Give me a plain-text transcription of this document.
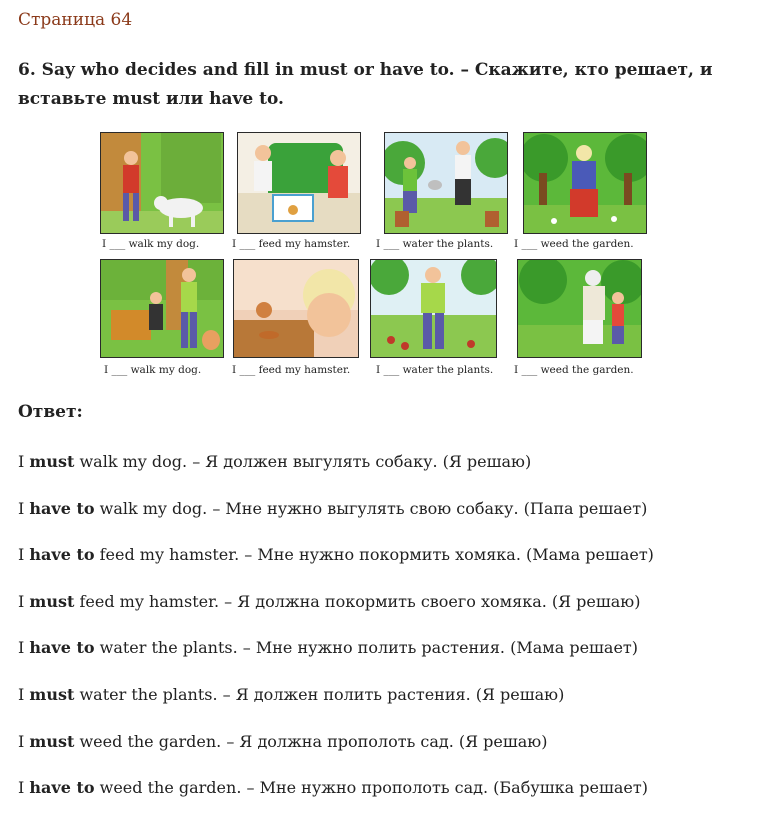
Страница 64
6. Say who decides and fill in must or have to. – Скажите, кто решает, и вставьте must или have to.
I ___ walk my dog.	I ___ feed my hamster. I ___ water the plants. I ___ weed the garden.
I ___ walk my dog.	I ___ feed my hamster. I ___ water the plants. I ___ weed the garden.
Ответ:
I must walk my dog. – Я должен выгулять собаку. (Я решаю)
I have to walk my dog. – Мне нужно выгулять свою собаку. (Папа решает)
I have to feed my hamster. – Мне нужно покормить хомяка. (Мама решает)
I must feed my hamster. – Я должна покормить своего хомяка. (Я решаю)
I have to water the plants. – Мне нужно полить растения. (Мама решает)
I must water the plants. – Я должен полить растения. (Я решаю)
I must weed the garden. – Я должна прополоть сад. (Я решаю)
I have to weed the garden. – Мне нужно прополоть сад. (Бабушка решает)
